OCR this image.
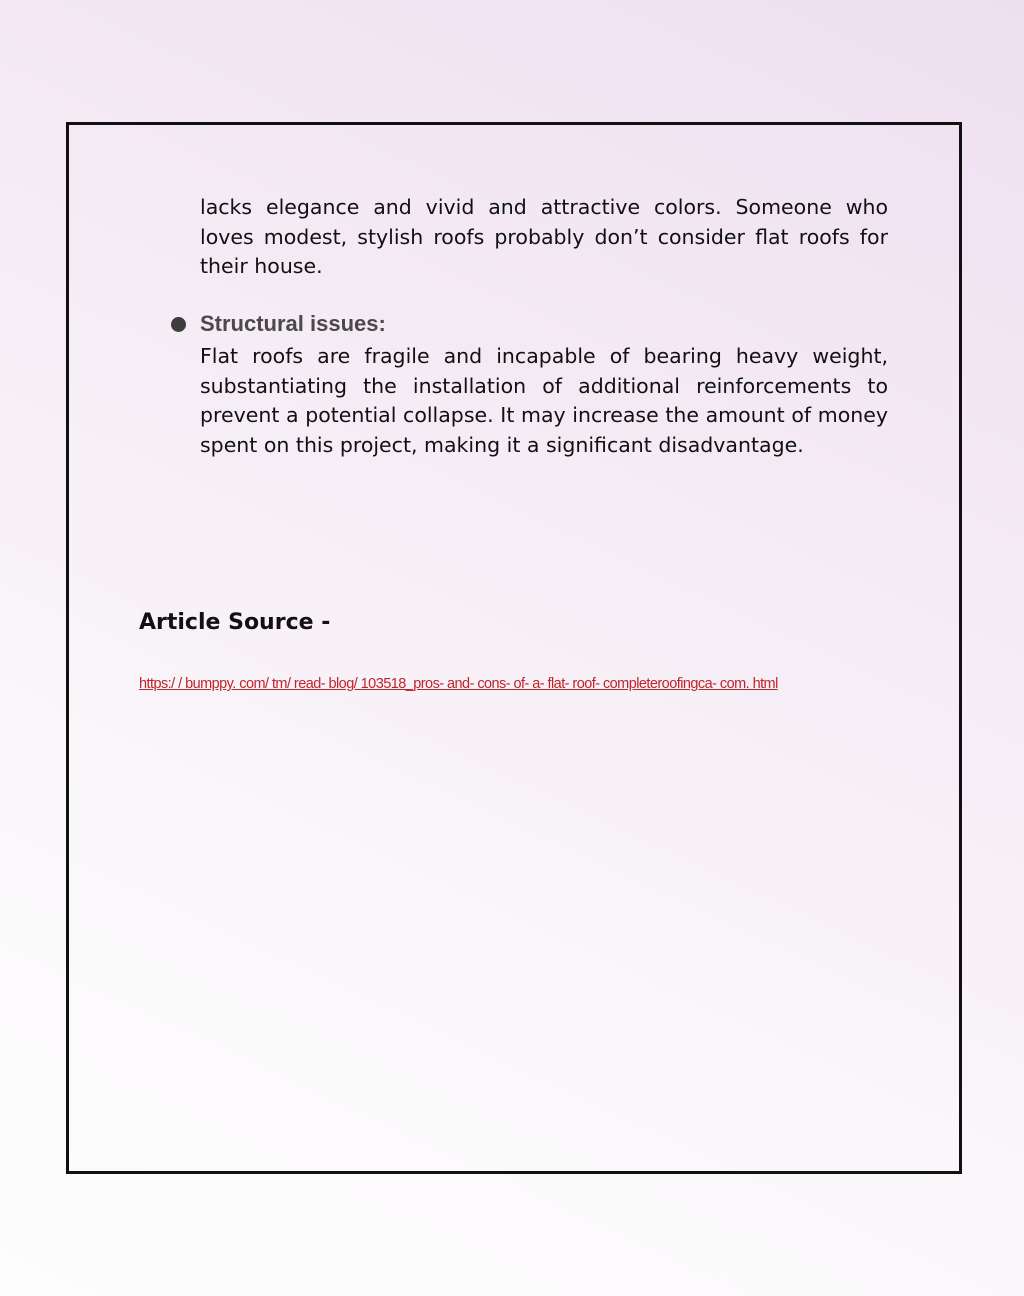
lacks elegance and vivid and attractive colors. Someone who loves modest, stylish roofs probably don’t consider flat roofs for their house.

Structural issues:

Flat roofs are fragile and incapable of bearing heavy weight, substantiating the installation of additional reinforcements to prevent a potential collapse. It may increase the amount of money spent on this project, making it a significant disadvantage.

Article Source -
https:/ / bumppy. com/ tm/ read- blog/ 103518_pros- and- cons- of- a- flat- roof- completeroofingca- com. html
